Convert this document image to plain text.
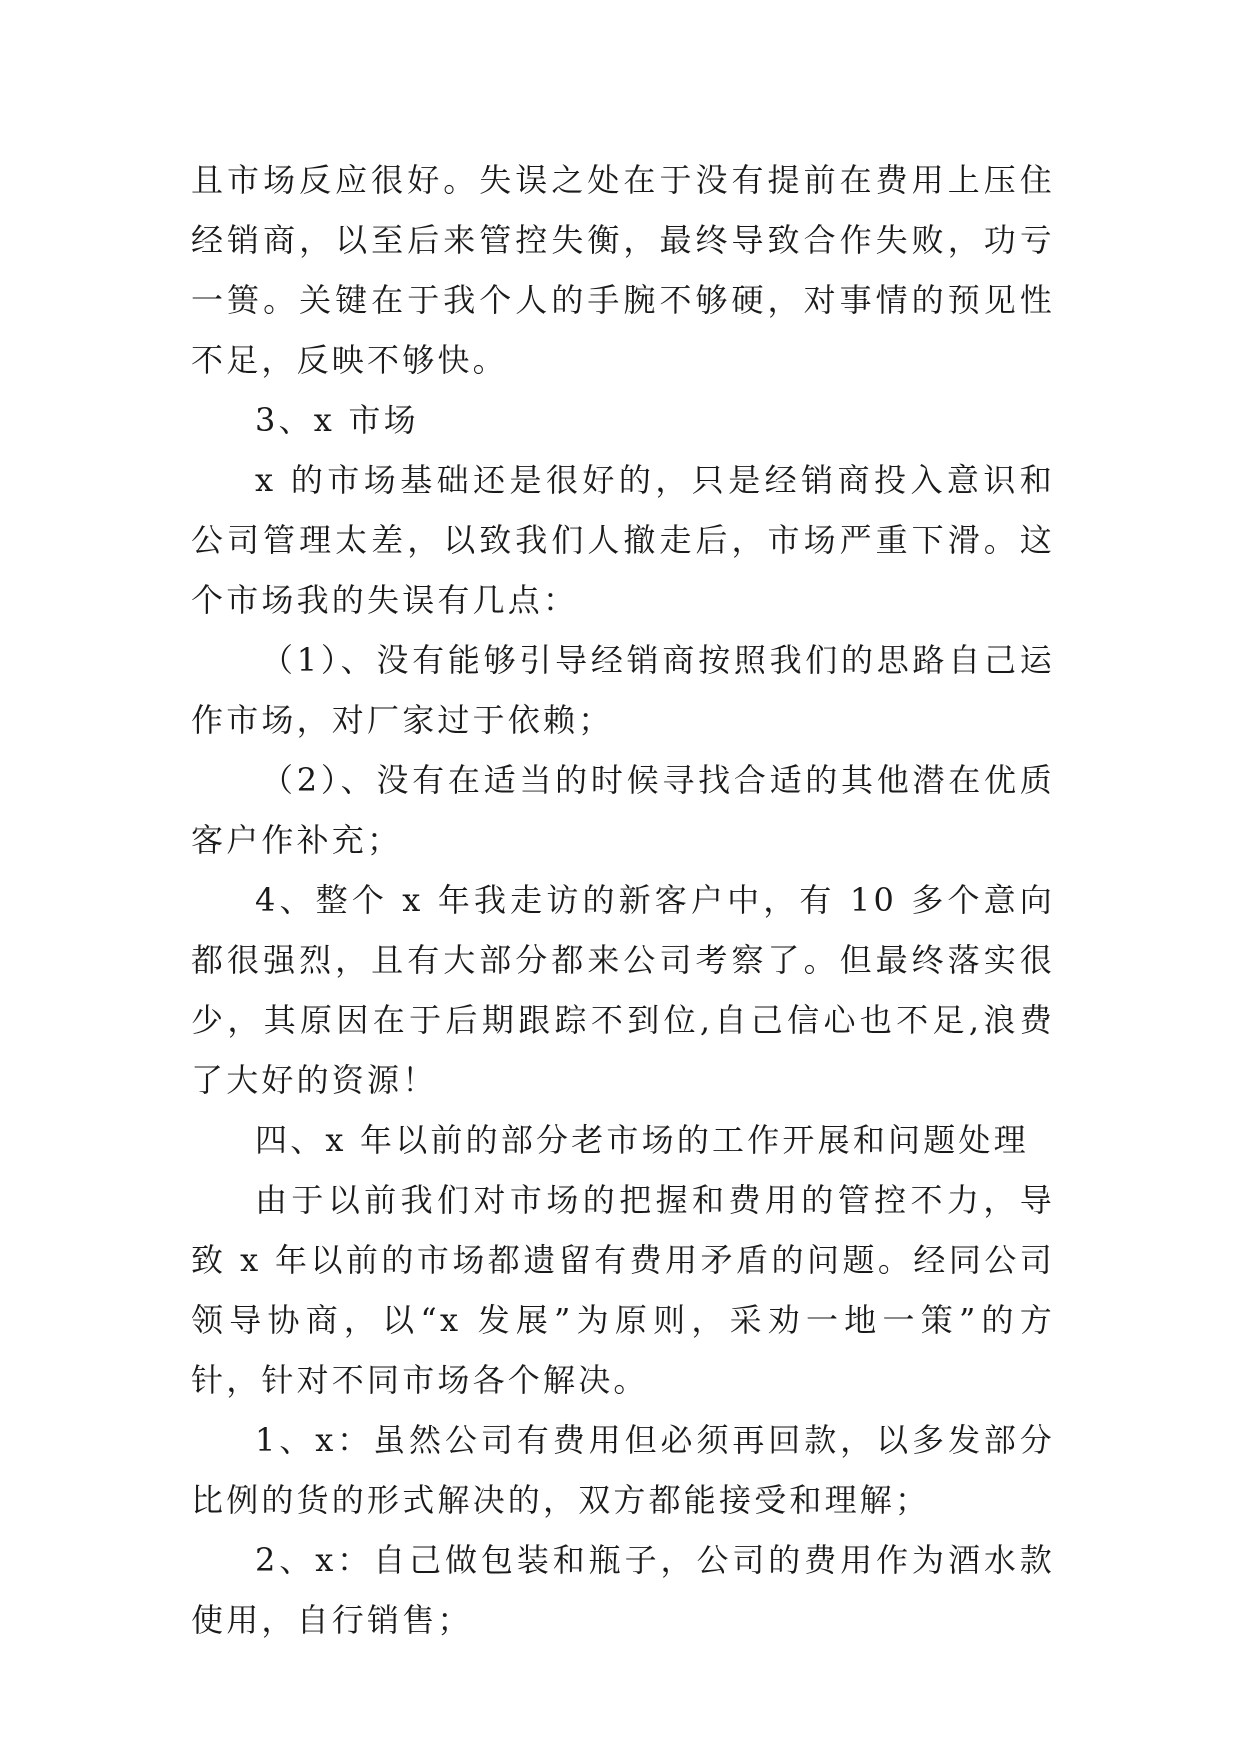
且市场反应很好。失误之处在于没有提前在费用上压住经销商，以至后来管控失衡，最终导致合作失败，功亏一篑。关键在于我个人的手腕不够硬，对事情的预见性不足，反映不够快。

3、x 市场

x 的市场基础还是很好的，只是经销商投入意识和公司管理太差，以致我们人撤走后，市场严重下滑。这个市场我的失误有几点：

（1）、没有能够引导经销商按照我们的思路自己运作市场，对厂家过于依赖；

（2）、没有在适当的时候寻找合适的其他潜在优质客户作补充；

4、整个 x 年我走访的新客户中，有 10 多个意向都很强烈，且有大部分都来公司考察了。但最终落实很少，其原因在于后期跟踪不到位,自己信心也不足,浪费了大好的资源！

四、x 年以前的部分老市场的工作开展和问题处理

由于以前我们对市场的把握和费用的管控不力，导致 x 年以前的市场都遗留有费用矛盾的问题。经同公司领导协商，以“x 发展”为原则，采劝一地一策”的方针，针对不同市场各个解决。

1、x：虽然公司有费用但必须再回款，以多发部分比例的货的形式解决的，双方都能接受和理解；

2、x：自己做包装和瓶子，公司的费用作为酒水款使用，自行销售；
